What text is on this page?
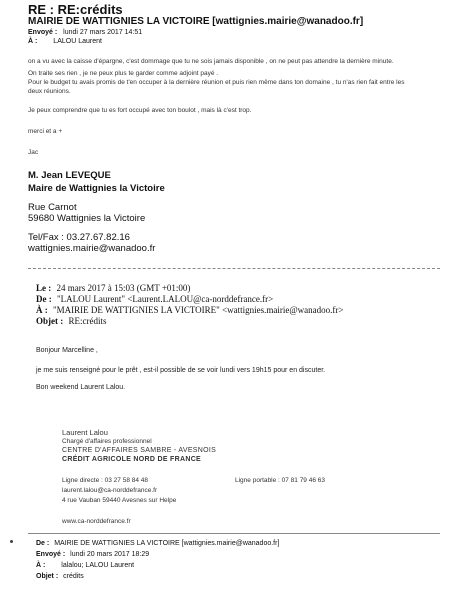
RE : RE:crédits
MAIRIE DE WATTIGNIES LA VICTOIRE [wattignies.mairie@wanadoo.fr]
Envoyé : lundi 27 mars 2017 14:51
À : LALOU Laurent
on a vu avec la caisse d'épargne, c'est dommage que tu ne sois jamais disponible , on ne peut pas attendre la dernière minute.
On traite ses rien , je ne peux plus te garder comme adjoint payé .
Pour le budget tu avais promis de t'en occuper à la dernière réunion et puis rien même dans ton domaine , tu n'as rien fait entre les
deux réunions.
Je peux comprendre que tu es fort occupé avec ton boulot , mais là c'est trop.
merci et a +
Jac
M. Jean LEVEQUE
Maire de Wattignies la Victoire
Rue Carnot
59680 Wattignies la Victoire
Tel/Fax : 03.27.67.82.16
wattignies.mairie@wanadoo.fr
Le : 24 mars 2017 à 15:03 (GMT +01:00)
De : "LALOU Laurent" <Laurent.LALOU@ca-norddefrance.fr>
À : "MAIRIE DE WATTIGNIES LA VICTOIRE" <wattignies.mairie@wanadoo.fr>
Objet : RE:crédits
Bonjour Marcelline ,
je me suis renseigné pour le prêt , est-il possible de se voir lundi vers 19h15 pour en discuter.
Bon weekend Laurent Lalou.
Laurent Lalou
Chargé d'affaires professionnel
CENTRE D'AFFAIRES SAMBRE - AVESNOIS
CRÉDIT AGRICOLE NORD DE FRANCE
Ligne directe : 03 27 58 84 48	Ligne portable : 07 81 79 46 63
laurent.lalou@ca-norddefrance.fr
4 rue Vauban 59440 Avesnes sur Helpe
www.ca-norddefrance.fr
De : MAIRIE DE WATTIGNIES LA VICTOIRE [wattignies.mairie@wanadoo.fr]
Envoyé : lundi 20 mars 2017 18:29
À : lalalou; LALOU Laurent
Objet : crédits
